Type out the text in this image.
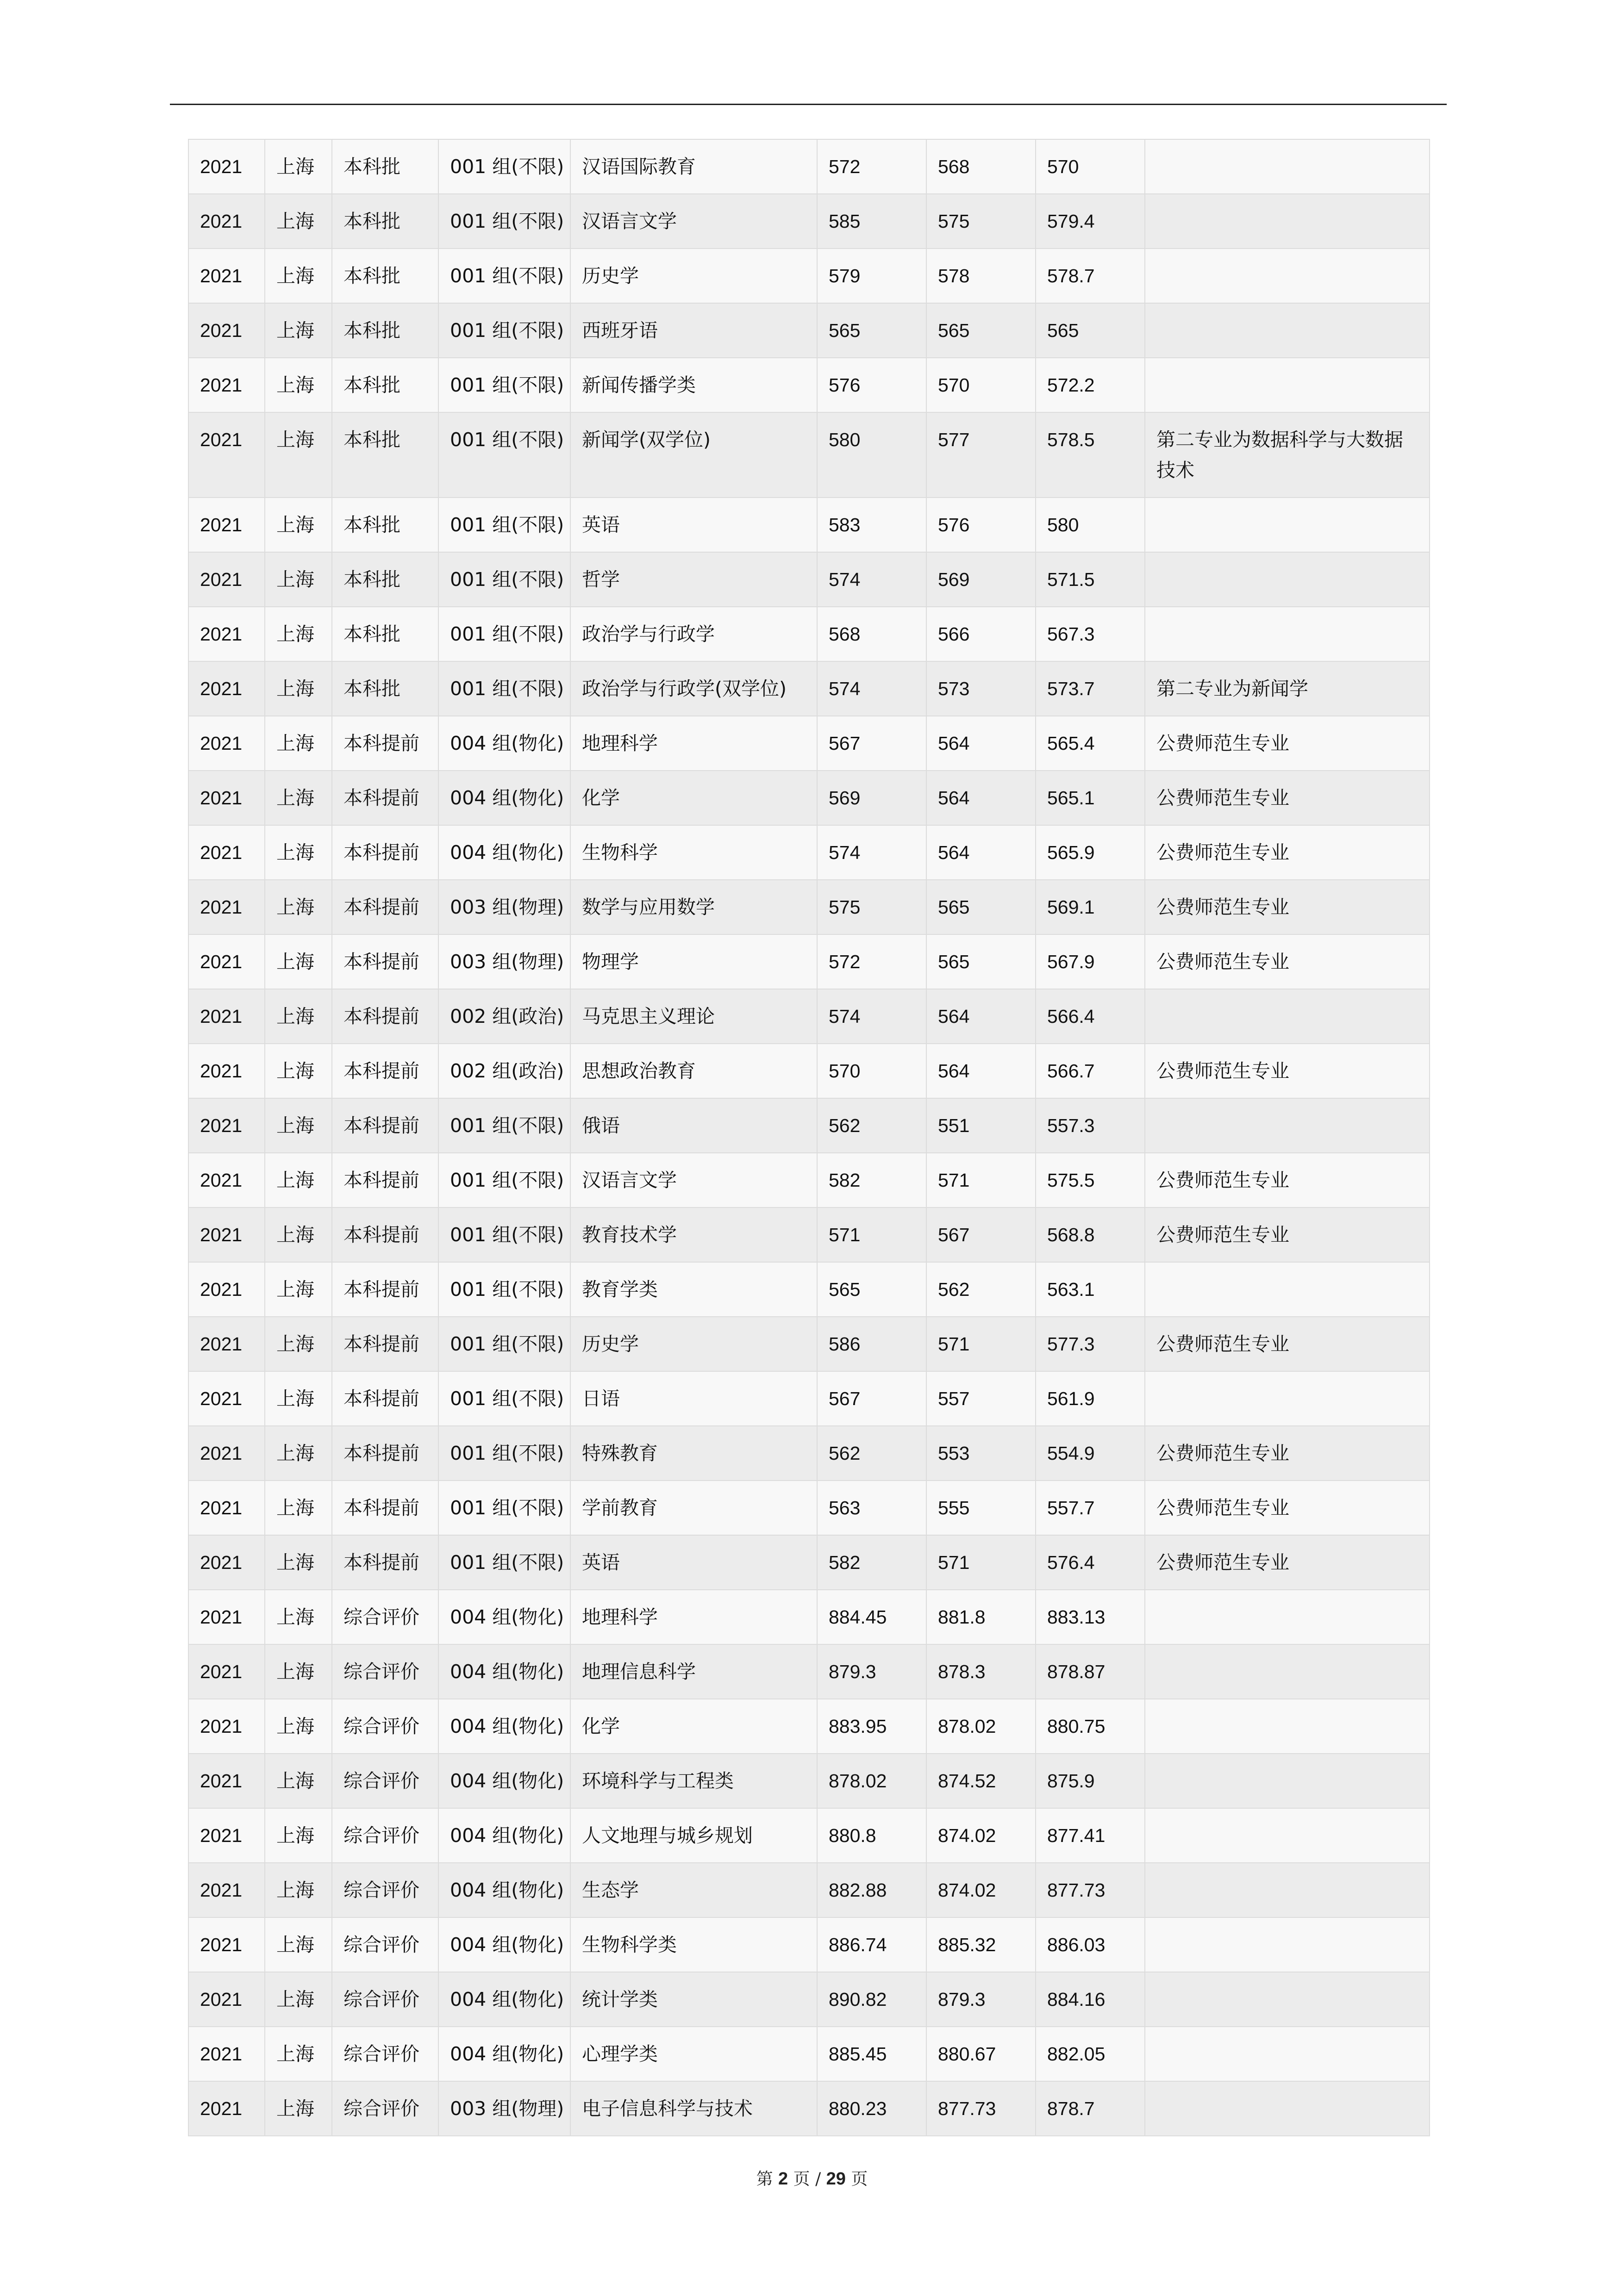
2021	上海	本科批	001 组(不限)	汉语国际教育	572	568	570	
2021	上海	本科批	001 组(不限)	汉语言文学	585	575	579.4	
2021	上海	本科批	001 组(不限)	历史学	579	578	578.7	
2021	上海	本科批	001 组(不限)	西班牙语	565	565	565	
2021	上海	本科批	001 组(不限)	新闻传播学类	576	570	572.2	
2021	上海	本科批	001 组(不限)	新闻学(双学位)	580	577	578.5	第二专业为数据科学与大数据技术
2021	上海	本科批	001 组(不限)	英语	583	576	580	
2021	上海	本科批	001 组(不限)	哲学	574	569	571.5	
2021	上海	本科批	001 组(不限)	政治学与行政学	568	566	567.3	
2021	上海	本科批	001 组(不限)	政治学与行政学(双学位)	574	573	573.7	第二专业为新闻学
2021	上海	本科提前	004 组(物化)	地理科学	567	564	565.4	公费师范生专业
2021	上海	本科提前	004 组(物化)	化学	569	564	565.1	公费师范生专业
2021	上海	本科提前	004 组(物化)	生物科学	574	564	565.9	公费师范生专业
2021	上海	本科提前	003 组(物理)	数学与应用数学	575	565	569.1	公费师范生专业
2021	上海	本科提前	003 组(物理)	物理学	572	565	567.9	公费师范生专业
2021	上海	本科提前	002 组(政治)	马克思主义理论	574	564	566.4	
2021	上海	本科提前	002 组(政治)	思想政治教育	570	564	566.7	公费师范生专业
2021	上海	本科提前	001 组(不限)	俄语	562	551	557.3	
2021	上海	本科提前	001 组(不限)	汉语言文学	582	571	575.5	公费师范生专业
2021	上海	本科提前	001 组(不限)	教育技术学	571	567	568.8	公费师范生专业
2021	上海	本科提前	001 组(不限)	教育学类	565	562	563.1	
2021	上海	本科提前	001 组(不限)	历史学	586	571	577.3	公费师范生专业
2021	上海	本科提前	001 组(不限)	日语	567	557	561.9	
2021	上海	本科提前	001 组(不限)	特殊教育	562	553	554.9	公费师范生专业
2021	上海	本科提前	001 组(不限)	学前教育	563	555	557.7	公费师范生专业
2021	上海	本科提前	001 组(不限)	英语	582	571	576.4	公费师范生专业
2021	上海	综合评价	004 组(物化)	地理科学	884.45	881.8	883.13	
2021	上海	综合评价	004 组(物化)	地理信息科学	879.3	878.3	878.87	
2021	上海	综合评价	004 组(物化)	化学	883.95	878.02	880.75	
2021	上海	综合评价	004 组(物化)	环境科学与工程类	878.02	874.52	875.9	
2021	上海	综合评价	004 组(物化)	人文地理与城乡规划	880.8	874.02	877.41	
2021	上海	综合评价	004 组(物化)	生态学	882.88	874.02	877.73	
2021	上海	综合评价	004 组(物化)	生物科学类	886.74	885.32	886.03	
2021	上海	综合评价	004 组(物化)	统计学类	890.82	879.3	884.16	
2021	上海	综合评价	004 组(物化)	心理学类	885.45	880.67	882.05	
2021	上海	综合评价	003 组(物理)	电子信息科学与技术	880.23	877.73	878.7	
第 2 页 / 29 页
